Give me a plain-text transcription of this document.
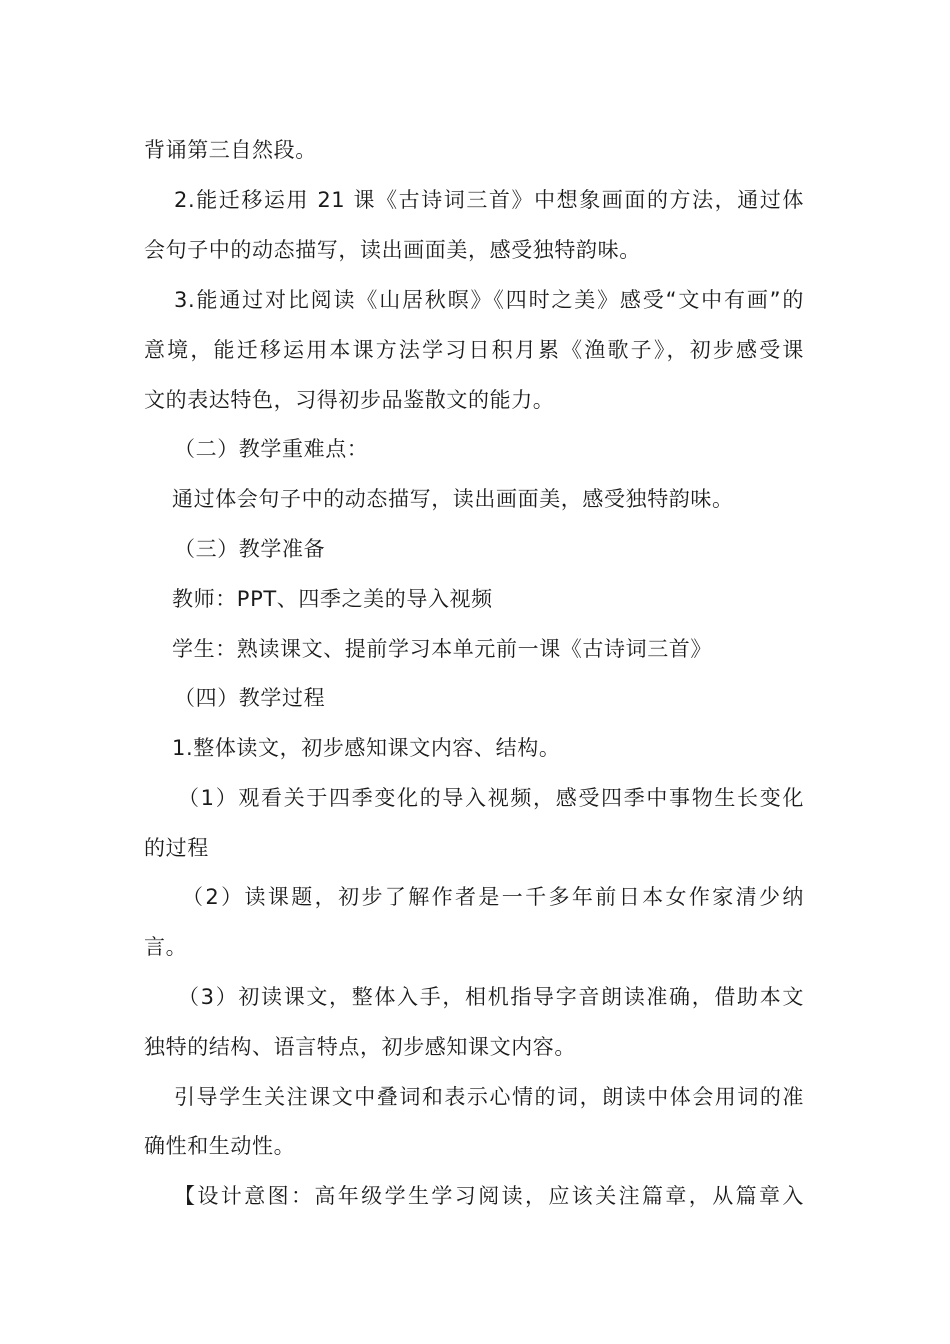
背诵第三自然段。
2.能迁移运用 21 课《古诗词三首》中想象画面的方法，通过体
会句子中的动态描写，读出画面美，感受独特韵味。
3.能通过对比阅读《山居秋暝》《四时之美》感受“文中有画”的
意境，能迁移运用本课方法学习日积月累《渔歌子》，初步感受课
文的表达特色，习得初步品鉴散文的能力。
（二）教学重难点：
通过体会句子中的动态描写，读出画面美，感受独特韵味。
（三）教学准备
教师：PPT、四季之美的导入视频
学生：熟读课文、提前学习本单元前一课《古诗词三首》
（四）教学过程
1.整体读文，初步感知课文内容、结构。
（1）观看关于四季变化的导入视频，感受四季中事物生长变化
的过程
（2）读课题，初步了解作者是一千多年前日本女作家清少纳
言。
（3）初读课文，整体入手，相机指导字音朗读准确，借助本文
独特的结构、语言特点，初步感知课文内容。
引导学生关注课文中叠词和表示心情的词，朗读中体会用词的准
确性和生动性。
【设计意图：高年级学生学习阅读，应该关注篇章，从篇章入
